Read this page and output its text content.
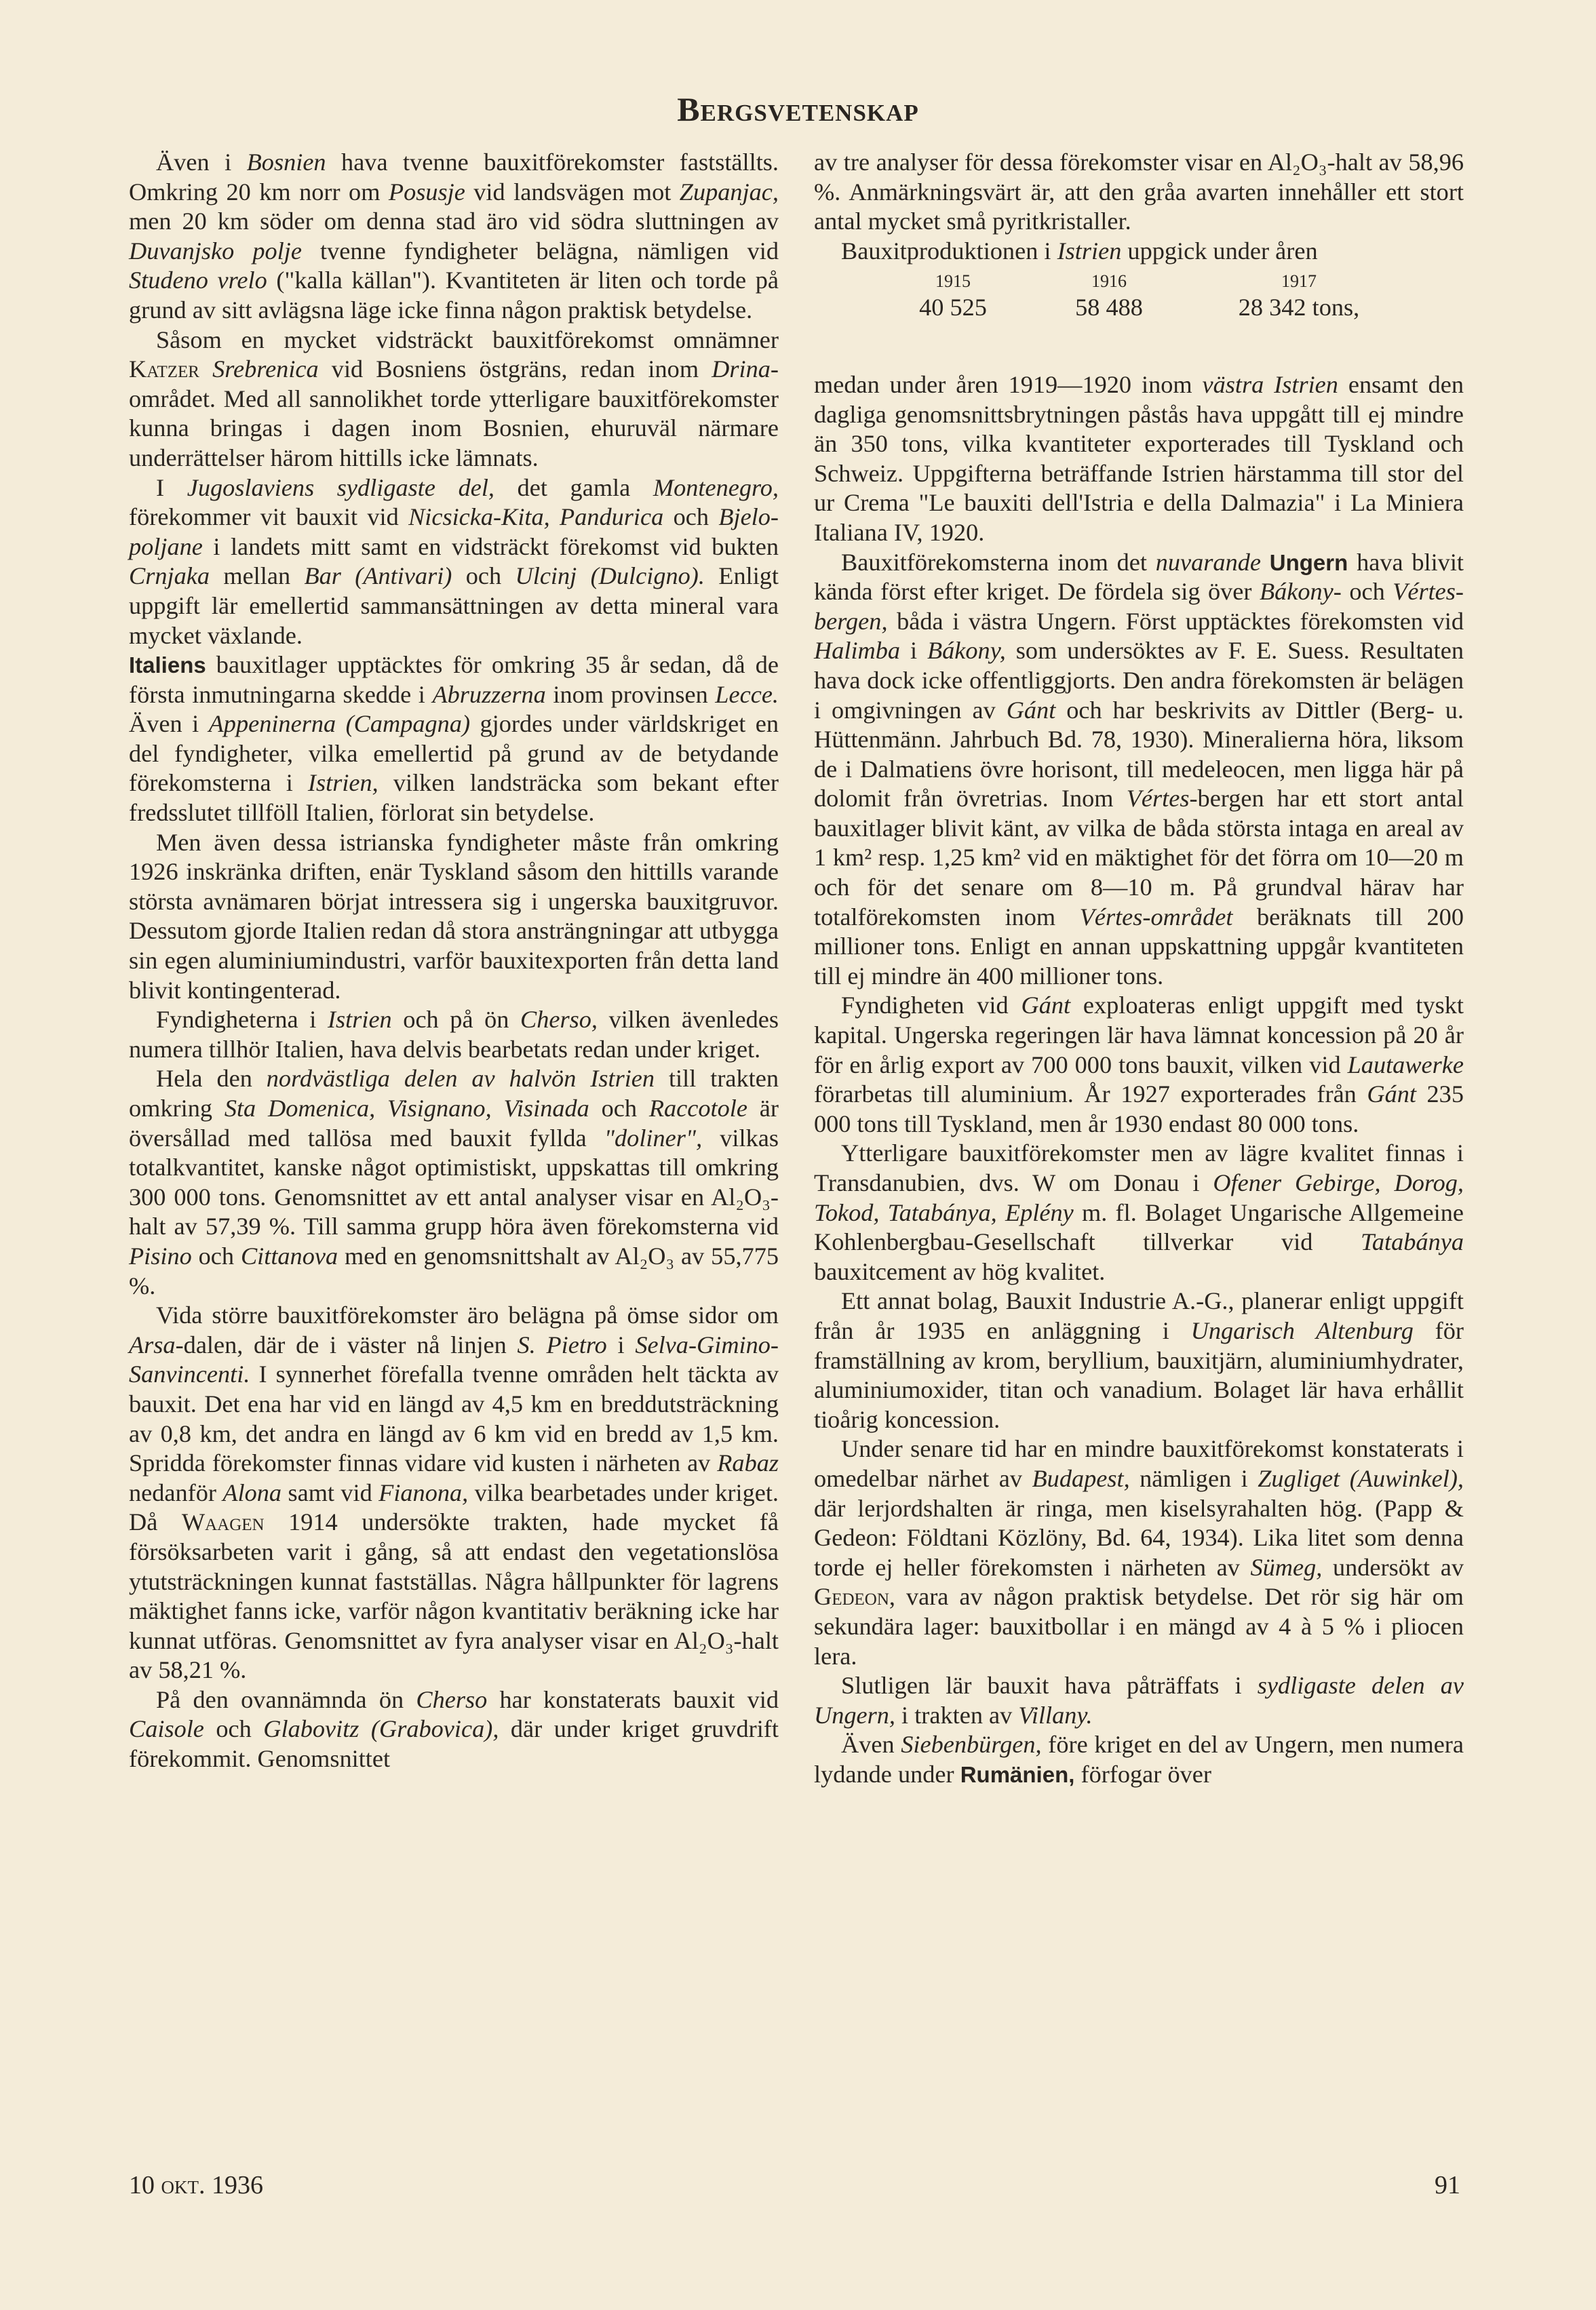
Bergsvetenskap

Även i Bosnien hava tvenne bauxitförekomster fastställts. Omkring 20 km norr om Posusje vid landsvägen mot Zupanjac, men 20 km söder om denna stad äro vid södra sluttningen av Duvanjsko polje tvenne fyndigheter belägna, nämligen vid Studeno vrelo ("kalla källan"). Kvantiteten är liten och torde på grund av sitt avlägsna läge icke finna någon praktisk betydelse.

Såsom en mycket vidsträckt bauxitförekomst omnämner Katzer Srebrenica vid Bosniens östgräns, redan inom Drina-området. Med all sannolikhet torde ytterligare bauxitförekomster kunna bringas i dagen inom Bosnien, ehuruväl närmare underrättelser härom hittills icke lämnats.

I Jugoslaviens sydligaste del, det gamla Montenegro, förekommer vit bauxit vid Nicsicka-Kita, Pandurica och Bjelo-poljane i landets mitt samt en vidsträckt förekomst vid bukten Crnjaka mellan Bar (Antivari) och Ulcinj (Dulcigno). Enligt uppgift lär emellertid sammansättningen av detta mineral vara mycket växlande.

Italiens bauxitlager upptäcktes för omkring 35 år sedan, då de första inmutningarna skedde i Abruzzerna inom provinsen Lecce. Även i Appeninerna (Campagna) gjordes under världskriget en del fyndigheter, vilka emellertid på grund av de betydande förekomsterna i Istrien, vilken landsträcka som bekant efter fredsslutet tillföll Italien, förlorat sin betydelse.

Men även dessa istrianska fyndigheter måste från omkring 1926 inskränka driften, enär Tyskland såsom den hittills varande största avnämaren börjat intressera sig i ungerska bauxitgruvor. Dessutom gjorde Italien redan då stora ansträngningar att utbygga sin egen aluminiumindustri, varför bauxitexporten från detta land blivit kontingenterad.

Fyndigheterna i Istrien och på ön Cherso, vilken ävenledes numera tillhör Italien, hava delvis bearbetats redan under kriget.

Hela den nordvästliga delen av halvön Istrien till trakten omkring Sta Domenica, Visignano, Visinada och Raccotole är översållad med tallösa med bauxit fyllda "doliner", vilkas totalkvantitet, kanske något optimistiskt, uppskattas till omkring 300 000 tons. Genomsnittet av ett antal analyser visar en Al₂O₃-halt av 57,39 %. Till samma grupp höra även förekomsterna vid Pisino och Cittanova med en genomsnittshalt av Al₂O₃ av 55,775 %.

Vida större bauxitförekomster äro belägna på ömse sidor om Arsa-dalen, där de i väster nå linjen S. Pietro i Selva-Gimino-Sanvincenti. I synnerhet förefalla tvenne områden helt täckta av bauxit. Det ena har vid en längd av 4,5 km en breddutsträckning av 0,8 km, det andra en längd av 6 km vid en bredd av 1,5 km. Spridda förekomster finnas vidare vid kusten i närheten av Rabaz nedanför Alona samt vid Fianona, vilka bearbetades under kriget. Då Waagen 1914 undersökte trakten, hade mycket få försöksarbeten varit i gång, så att endast den vegetationslösa ytutsträckningen kunnat fastställas. Några hållpunkter för lagrens mäktighet fanns icke, varför någon kvantitativ beräkning icke har kunnat utföras. Genomsnittet av fyra analyser visar en Al₂O₃-halt av 58,21 %.

På den ovannämnda ön Cherso har konstaterats bauxit vid Caisole och Glabovitz (Grabovica), där under kriget gruvdrift förekommit. Genomsnittet

av tre analyser för dessa förekomster visar en Al₂O₃-halt av 58,96 %. Anmärkningsvärt är, att den gråa avarten innehåller ett stort antal mycket små pyritkristaller.

Bauxitproduktionen i Istrien uppgick under åren

1915	1916	1917
40 525	58 488	28 342 tons,

medan under åren 1919—1920 inom västra Istrien ensamt den dagliga genomsnittsbrytningen påstås hava uppgått till ej mindre än 350 tons, vilka kvantiteter exporterades till Tyskland och Schweiz. Uppgifterna beträffande Istrien härstamma till stor del ur Crema "Le bauxiti dell'Istria e della Dalmazia" i La Miniera Italiana IV, 1920.

Bauxitförekomsterna inom det nuvarande Ungern hava blivit kända först efter kriget. De fördela sig över Bákony- och Vértes-bergen, båda i västra Ungern. Först upptäcktes förekomsten vid Halimba i Bákony, som undersöktes av F. E. Suess. Resultaten hava dock icke offentliggjorts. Den andra förekomsten är belägen i omgivningen av Gánt och har beskrivits av Dittler (Berg- u. Hüttenmänn. Jahrbuch Bd. 78, 1930). Mineralierna höra, liksom de i Dalmatiens övre horisont, till medeleocen, men ligga här på dolomit från övretrias. Inom Vértes-bergen har ett stort antal bauxitlager blivit känt, av vilka de båda största intaga en areal av 1 km² resp. 1,25 km² vid en mäktighet för det förra om 10—20 m och för det senare om 8—10 m. På grundval härav har totalförekomsten inom Vértes-området beräknats till 200 millioner tons. Enligt en annan uppskattning uppgår kvantiteten till ej mindre än 400 millioner tons.

Fyndigheten vid Gánt exploateras enligt uppgift med tyskt kapital. Ungerska regeringen lär hava lämnat koncession på 20 år för en årlig export av 700 000 tons bauxit, vilken vid Lautawerke förarbetas till aluminium. År 1927 exporterades från Gánt 235 000 tons till Tyskland, men år 1930 endast 80 000 tons.

Ytterligare bauxitförekomster men av lägre kvalitet finnas i Transdanubien, dvs. W om Donau i Ofener Gebirge, Dorog, Tokod, Tatabánya, Eplény m. fl. Bolaget Ungarische Allgemeine Kohlenbergbau-Gesellschaft tillverkar vid Tatabánya bauxitcement av hög kvalitet.

Ett annat bolag, Bauxit Industrie A.-G., planerar enligt uppgift från år 1935 en anläggning i Ungarisch Altenburg för framställning av krom, beryllium, bauxitjärn, aluminiumhydrater, aluminiumoxider, titan och vanadium. Bolaget lär hava erhållit tioårig koncession.

Under senare tid har en mindre bauxitförekomst konstaterats i omedelbar närhet av Budapest, nämligen i Zugliget (Auwinkel), där lerjordshalten är ringa, men kiselsyrahalten hög. (Papp & Gedeon: Földtani Közlöny, Bd. 64, 1934). Lika litet som denna torde ej heller förekomsten i närheten av Sümeg, undersökt av Gedeon, vara av någon praktisk betydelse. Det rör sig här om sekundära lager: bauxitbollar i en mängd av 4 à 5 % i pliocen lera.

Slutligen lär bauxit hava påträffats i sydligaste delen av Ungern, i trakten av Villany.

Även Siebenbürgen, före kriget en del av Ungern, men numera lydande under Rumänien, förfogar över

10 okt. 1936	91
